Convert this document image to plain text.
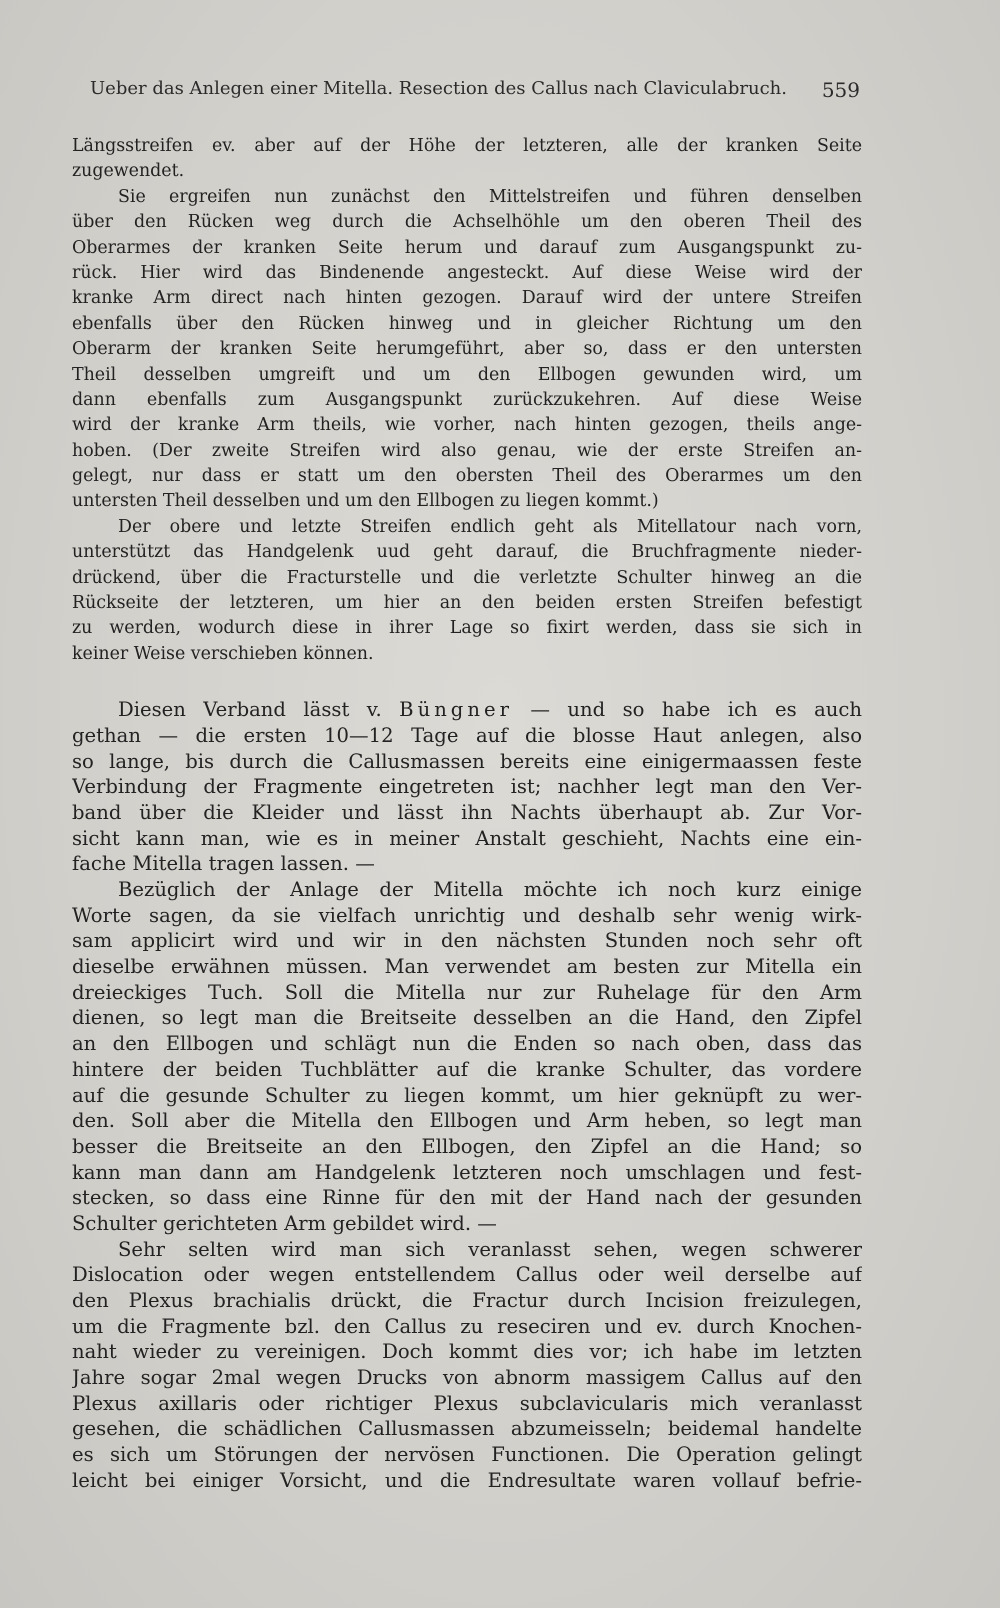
Ueber das Anlegen einer Mitella. Resection des Callus nach Claviculabruch. 559
Längsstreifen ev. aber auf der Höhe der letzteren, alle der kranken Seite
zugewendet.
Sie ergreifen nun zunächst den Mittelstreifen und führen denselben
über den Rücken weg durch die Achselhöhle um den oberen Theil des
Oberarmes der kranken Seite herum und darauf zum Ausgangspunkt zu-
rück. Hier wird das Bindenende angesteckt. Auf diese Weise wird der
kranke Arm direct nach hinten gezogen. Darauf wird der untere Streifen
ebenfalls über den Rücken hinweg und in gleicher Richtung um den
Oberarm der kranken Seite herumgeführt, aber so, dass er den untersten
Theil desselben umgreift und um den Ellbogen gewunden wird, um
dann ebenfalls zum Ausgangspunkt zurückzukehren. Auf diese Weise
wird der kranke Arm theils, wie vorher, nach hinten gezogen, theils ange-
hoben. (Der zweite Streifen wird also genau, wie der erste Streifen an-
gelegt, nur dass er statt um den obersten Theil des Oberarmes um den
untersten Theil desselben und um den Ellbogen zu liegen kommt.)
Der obere und letzte Streifen endlich geht als Mitellatour nach vorn,
unterstützt das Handgelenk uud geht darauf, die Bruchfragmente nieder-
drückend, über die Fracturstelle und die verletzte Schulter hinweg an die
Rückseite der letzteren, um hier an den beiden ersten Streifen befestigt
zu werden, wodurch diese in ihrer Lage so fixirt werden, dass sie sich in
keiner Weise verschieben können.
Diesen Verband lässt v. Büngner — und so habe ich es auch
gethan — die ersten 10—12 Tage auf die blosse Haut anlegen, also
so lange, bis durch die Callusmassen bereits eine einigermaassen feste
Verbindung der Fragmente eingetreten ist; nachher legt man den Ver-
band über die Kleider und lässt ihn Nachts überhaupt ab. Zur Vor-
sicht kann man, wie es in meiner Anstalt geschieht, Nachts eine ein-
fache Mitella tragen lassen. —
Bezüglich der Anlage der Mitella möchte ich noch kurz einige
Worte sagen, da sie vielfach unrichtig und deshalb sehr wenig wirk-
sam applicirt wird und wir in den nächsten Stunden noch sehr oft
dieselbe erwähnen müssen. Man verwendet am besten zur Mitella ein
dreieckiges Tuch. Soll die Mitella nur zur Ruhelage für den Arm
dienen, so legt man die Breitseite desselben an die Hand, den Zipfel
an den Ellbogen und schlägt nun die Enden so nach oben, dass das
hintere der beiden Tuchblätter auf die kranke Schulter, das vordere
auf die gesunde Schulter zu liegen kommt, um hier geknüpft zu wer-
den. Soll aber die Mitella den Ellbogen und Arm heben, so legt man
besser die Breitseite an den Ellbogen, den Zipfel an die Hand; so
kann man dann am Handgelenk letzteren noch umschlagen und fest-
stecken, so dass eine Rinne für den mit der Hand nach der gesunden
Schulter gerichteten Arm gebildet wird. —
Sehr selten wird man sich veranlasst sehen, wegen schwerer
Dislocation oder wegen entstellendem Callus oder weil derselbe auf
den Plexus brachialis drückt, die Fractur durch Incision freizulegen,
um die Fragmente bzl. den Callus zu reseciren und ev. durch Knochen-
naht wieder zu vereinigen. Doch kommt dies vor; ich habe im letzten
Jahre sogar 2mal wegen Drucks von abnorm massigem Callus auf den
Plexus axillaris oder richtiger Plexus subclavicularis mich veranlasst
gesehen, die schädlichen Callusmassen abzumeisseln; beidemal handelte
es sich um Störungen der nervösen Functionen. Die Operation gelingt
leicht bei einiger Vorsicht, und die Endresultate waren vollauf befrie-
